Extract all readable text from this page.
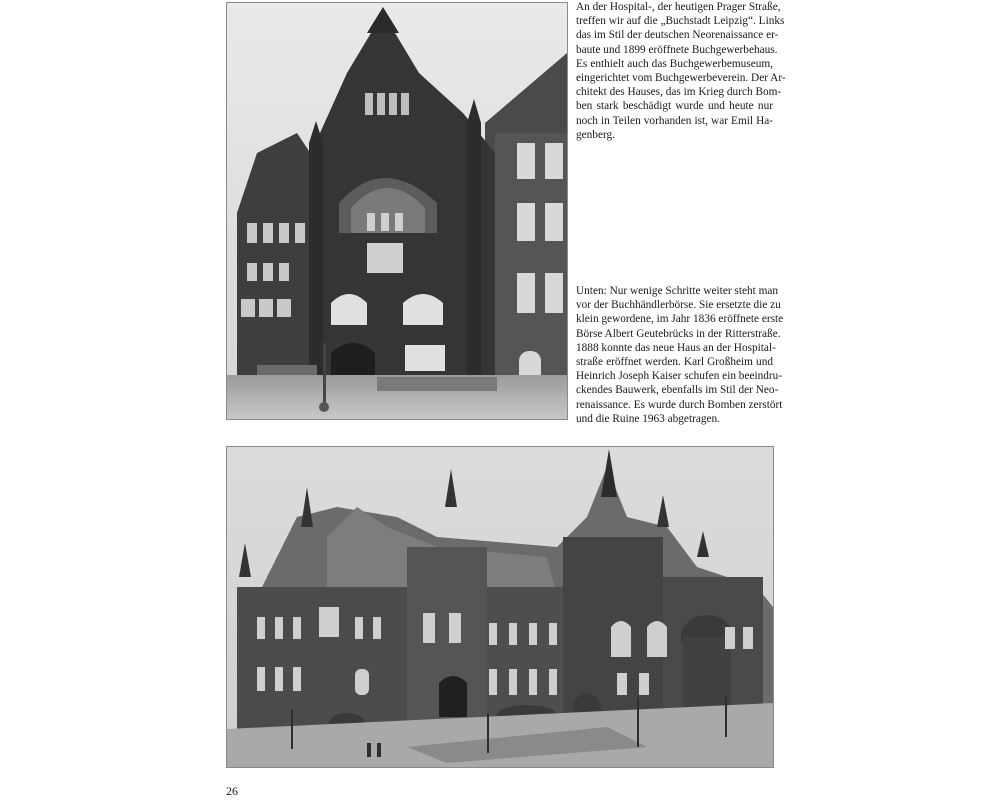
An der Hospital-, der heutigen Prager Straße,
treffen wir auf die „Buchstadt Leipzig“. Links
das im Stil der deutschen Neorenaissance er-
baute und 1899 eröffnete Buchgewerbehaus.
Es enthielt auch das Buchgewerbemuseum,
eingerichtet vom Buchgewerbeverein. Der Ar-
chitekt des Hauses, das im Krieg durch Bom-
ben stark beschädigt wurde und heute nur
noch in Teilen vorhanden ist, war Emil Ha-
genberg.

Unten: Nur wenige Schritte weiter steht man
vor der Buchhändlerbörse. Sie ersetzte die zu
klein gewordene, im Jahr 1836 eröffnete erste
Börse Albert Geutebrücks in der Ritterstraße.
1888 konnte das neue Haus an der Hospital-
straße eröffnet werden. Karl Großheim und
Heinrich Joseph Kaiser schufen ein beeindru-
ckendes Bauwerk, ebenfalls im Stil der Neo-
renaissance. Es wurde durch Bomben zerstört
und die Ruine 1963 abgetragen.

26
